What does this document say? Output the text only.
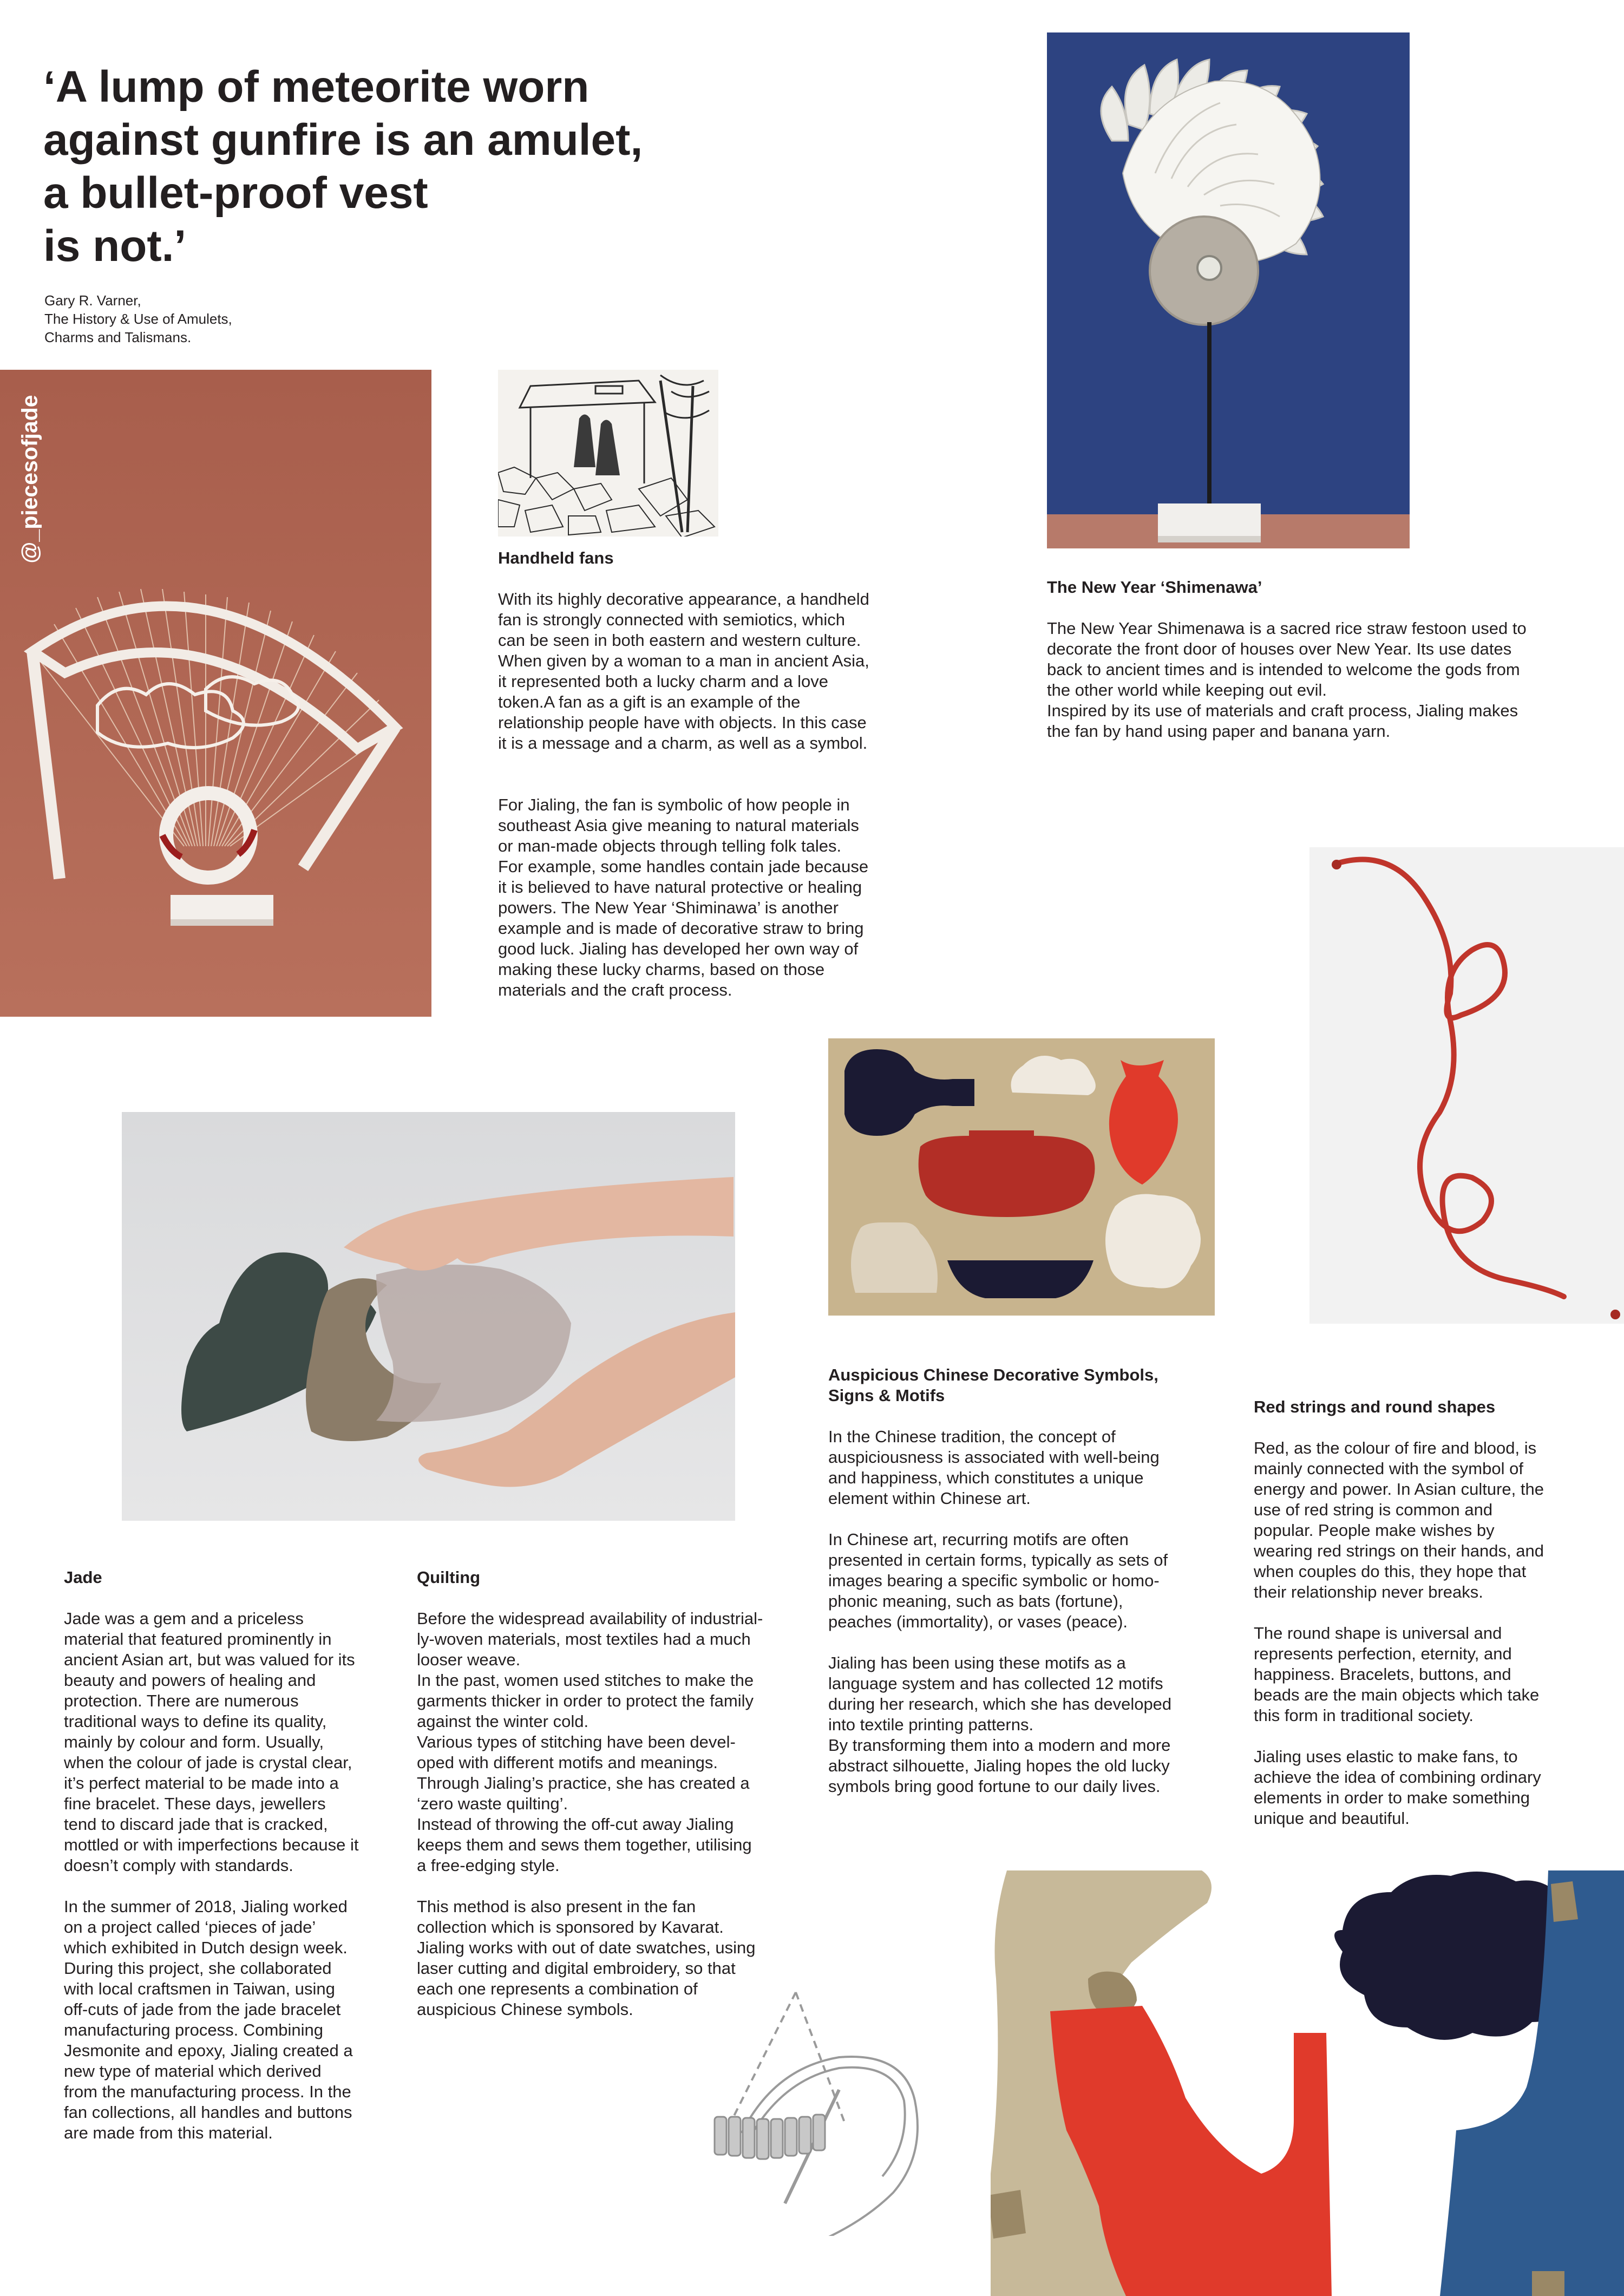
‘A lump of meteorite worn
against gunfire is an amulet,
a bullet-proof vest
is not.’
Gary R. Varner,
The History & Use of Amulets,
Charms and Talismans.
@_piecesofjade	Handheld fans

With its highly decorative appearance, a handheld
fan is strongly connected with semiotics, which
can be seen in both eastern and western culture.
When given by a woman to a man in ancient Asia,
it represented both a lucky charm and a love
token.A fan as a gift is an example of the
relationship people have with objects. In this case
it is a message and a charm, as well as a symbol.

For Jialing, the fan is symbolic of how people in
southeast Asia give meaning to natural materials
or man-made objects through telling folk tales.
For example, some handles contain jade because
it is believed to have natural protective or healing
powers. The New Year ‘Shiminawa’ is another
example and is made of decorative straw to bring
good luck. Jialing has developed her own way of
making these lucky charms, based on those
materials and the craft process.

The New Year ‘Shimenawa’

The New Year Shimenawa is a sacred rice straw festoon used to
decorate the front door of houses over New Year. Its use dates
back to ancient times and is intended to welcome the gods from
the other world while keeping out evil.
Inspired by its use of materials and craft process, Jialing makes
the fan by hand using paper and banana yarn.

Auspicious Chinese Decorative Symbols,
Signs & Motifs

In the Chinese tradition, the concept of
auspiciousness is associated with well-being
and happiness, which constitutes a unique
element within Chinese art.

In Chinese art, recurring motifs are often
presented in certain forms, typically as sets of
images bearing a specific symbolic or homo-
phonic meaning, such as bats (fortune),
peaches (immortality), or vases (peace).

Jialing has been using these motifs as a
language system and has collected 12 motifs
during her research, which she has developed
into textile printing patterns.
By transforming them into a modern and more
abstract silhouette, Jialing hopes the old lucky
symbols bring good fortune to our daily lives.

Red strings and round shapes

Red, as the colour of fire and blood, is
mainly connected with the symbol of
energy and power. In Asian culture, the
use of red string is common and
popular. People make wishes by
wearing red strings on their hands, and
when couples do this, they hope that
their relationship never breaks.

The round shape is universal and
represents perfection, eternity, and
happiness. Bracelets, buttons, and
beads are the main objects which take
this form in traditional society.

Jialing uses elastic to make fans, to
achieve the idea of combining ordinary
elements in order to make something
unique and beautiful.

Jade

Jade was a gem and a priceless
material that featured prominently in
ancient Asian art, but was valued for its
beauty and powers of healing and
protection. There are numerous
traditional ways to define its quality,
mainly by colour and form. Usually,
when the colour of jade is crystal clear,
it’s perfect material to be made into a
fine bracelet. These days, jewellers
tend to discard jade that is cracked,
mottled or with imperfections because it
doesn’t comply with standards.

In the summer of 2018, Jialing worked
on a project called ‘pieces of jade’
which exhibited in Dutch design week.
During this project, she collaborated
with local craftsmen in Taiwan, using
off-cuts of jade from the jade bracelet
manufacturing process. Combining
Jesmonite and epoxy, Jialing created a
new type of material which derived
from the manufacturing process. In the
fan collections, all handles and buttons
are made from this material.

Quilting

Before the widespread availability of industrial-
ly-woven materials, most textiles had a much
looser weave.
In the past, women used stitches to make the
garments thicker in order to protect the family
against the winter cold.
Various types of stitching have been devel-
oped with different motifs and meanings.
Through Jialing’s practice, she has created a
‘zero waste quilting’.
Instead of throwing the off-cut away Jialing
keeps them and sews them together, utilising
a free-edging style.

This method is also present in the fan
collection which is sponsored by Kavarat.
Jialing works with out of date swatches, using
laser cutting and digital embroidery, so that
each one represents a combination of
auspicious Chinese symbols.
